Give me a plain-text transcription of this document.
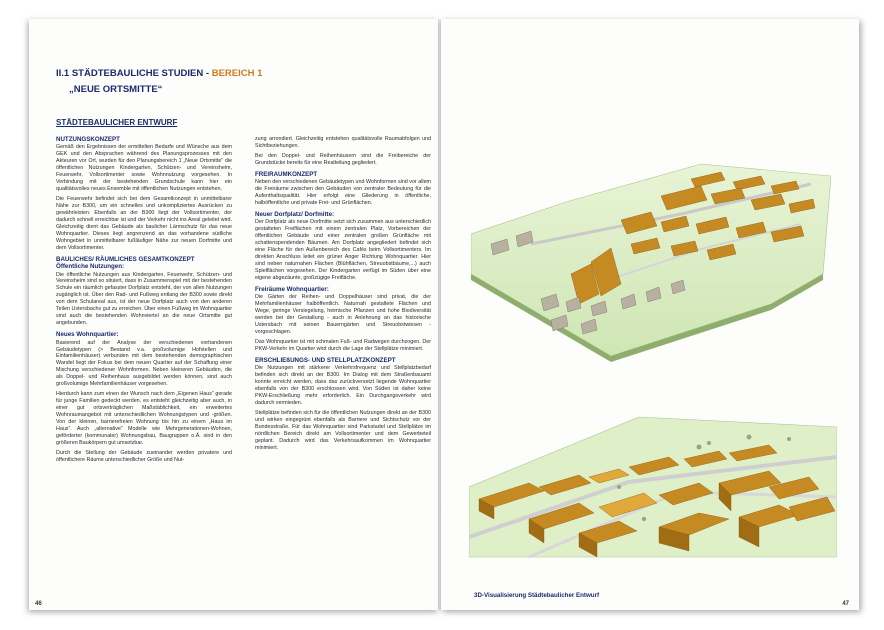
II.1 STÄDTEBAULICHE STUDIEN - BEREICH 1
„NEUE ORTSMITTE“
STÄDTEBAULICHER ENTWURF
NUTZUNGSKONZEPT

Gemäß den Ergebnissen der ermittelten Bedarfe und Wünsche aus dem GEK und den Absprachen während des Planungsprozesses mit den Akteuren vor Ort, wurden für den Planungsbereich 1 „Neue Ortsmitte“ die öffentlichen Nutzungen Kindergarten, Schützen- und Vereinsheim, Feuerwehr, Vollsortimenter sowie Wohnnutzung vorgesehen. In Verbindung mit der bestehenden Grundschule kann hier ein qualitätsvolles neues Ensemble mit öffentlichen Nutzungen entstehen.

Die Feuerwehr befindet sich bei dem Gesamtkonzept in unmittelbarer Nähe zur B300, um ein schnelles und unkompliziertes Ausrücken zu gewährleisten. Ebenfalls an der B300 liegt der Vollsortimenter, der dadurch schnell erreichbar ist und der Verkehr nicht ins Areal geleitet wird. Gleichzeitig dient das Gebäude als baulicher Lärmschutz für das neue Wohnquartier. Dieses liegt angrenzend an das vorhandene südliche Wohngebiet in unmittelbarer fußläufiger Nähe zur neuen Dorfmitte und dem Vollsortimenter.

BAULICHES/ RÄUMLICHES GESAMTKONZEPT
Öffentliche Nutzungen:

Die öffentliche Nutzungen aus Kindergarten, Feuerwehr, Schützen- und Vereinsheim sind so situiert, dass in Zusammenspiel mit der bestehenden Schule ein räumlich gefasster Dorfplatz entsteht, der von allen Nutzungen zugänglich ist. Über den Rad- und Fußweg entlang der B300 sowie direkt von dem Schulareal aus, ist der neue Dorfplatz auch von den anderen Teilen Ustersbachs gut zu erreichen. Über einen Fußweg im Wohnquartier sind auch die bestehenden Wohnviertel an die neue Ortsmitte gut angebunden.

Neues Wohnquartier:

Basierend auf der Analyse der verschiedenen vorhandenen Gebäudetypen (> Bestand v.a. großvolumige Hofstellen und Einfamilienhäuser) verbunden mit dem bestehenden demographischen Wandel liegt der Fokus bei dem neuen Quartier auf der Schaffung einer Mischung verschiedener Wohnformen. Neben kleineren Gebäuden, die als Doppel- und Reihenhaus ausgebildet werden können, sind auch großvolumige Mehrfamilienhäuser vorgesehen.

Hierdurch kann zum einen der Wunsch nach dem „Eigenen Haus“ gerade für junge Familien gedeckt werden, es entsteht gleichzeitig aber auch, in einer gut ortsverträglichen Maßstäblichkeit, ein erweitertes Wohnraumangebot mit unterschiedlichen Wohnungstypen und -größen. Von der kleinen, barrierefreien Wohnung bis hin zu einem „Haus im Haus“. Auch „alternative“ Modelle wie Mehrgenerationen-Wohnen, geförderter (kommunaler) Wohnungsbau, Baugruppen o.Ä. sind in den größeren Baukörpern gut umsetzbar.

Durch die Stellung der Gebäude zueinander werden privatere und öffentlichere Räume unterschiedlicher Größe und Nut-

zung arrondiert. Gleichzeitig entstehen qualitätsvolle Raumabfolgen und Sichtbeziehungen.

Bei den Doppel- und Reihenhäusern sind die Freibereiche der Grundstücke bereits für eine Realteilung gegliedert.

FREIRAUMKONZEPT

Neben den verschiedenen Gebäudetypen und Wohnformen sind vor allem die Freiräume zwischen den Gebäuden von zentraler Bedeutung für die Aufenthaltsqualität. Hier erfolgt eine Gliederung in öffentliche, halböffentliche und private Frei- und Grünflächen.

Neuer Dorfplatz/ Dorfmitte:

Der Dorfplatz als neue Dorfmitte setzt sich zusammen aus unterschiedlich gestalteten Freiflächen mit einem zentralen Platz, Vorbereichen der öffentlichen Gebäude und einer zentralen großen Grünfläche mit schattenspendenden Bäumen. Am Dorfplatz angegliedert befindet sich eine Fläche für den Außenbereich des Cafés beim Vollsortimenters. Im direkten Anschluss leitet ein grüner Anger Richtung Wohnquartier. Hier sind neben naturnahen Flächen (Blühflächen, Streuobstbäume,...) auch Spielflächen vorgesehen. Der Kindergarten verfügt im Süden über eine eigene abgezäunte, großzügige Freifläche.

Freiräume Wohnquartier:

Die Gärten der Reihen- und Doppelhäuser sind privat, die der Mehrfamilienhäuser halböffentlich. Naturnah gestaltete Flächen und Wege, geringe Versiegelung, heimische Pflanzen und hohe Biodiversität werden bei der Gestaltung - auch in Anlehnung an das historische Ustersbach mit seinen Bauerngärten und Streuobstwiesen - vorgeschlagen.

Das Wohnquartier ist mit schmalen Fuß- und Radwegen durchzogen. Der PKW-Verkehr im Quartier wird durch die Lage der Stellplätze minimiert.

ERSCHLIEßUNGS- UND STELLPLATZKONZEPT

Die Nutzungen mit stärkerer Verkehrsfrequenz und Stellplatzbedarf befinden sich direkt an der B300. Im Dialog mit dem Straßenbauamt konnte erreicht werden, dass das zurückversetzt liegende Wohnquartier ebenfalls von der B300 erschlossen wird. Von Süden ist daher keine PKW-Erschließung mehr erforderlich. Ein Durchgangsverkehr wird dadurch vermieden.

Stellplätze befinden sich für die öffentlichen Nutzungen direkt an der B300 und wirken eingegrünt ebenfalls als Barriere und Sichtschutz vor der Bundesstraße. Für das Wohnquartier sind Parkstadel und Stellplätze im nördlichen Bereich direkt am Vollsortimenter und dem Gewerbeteil geplant. Dadurch wird das Verkehrsaufkommen im Wohnquartier minimiert.

46
3D-Visualisierung Städtebaulicher Entwurf
47
